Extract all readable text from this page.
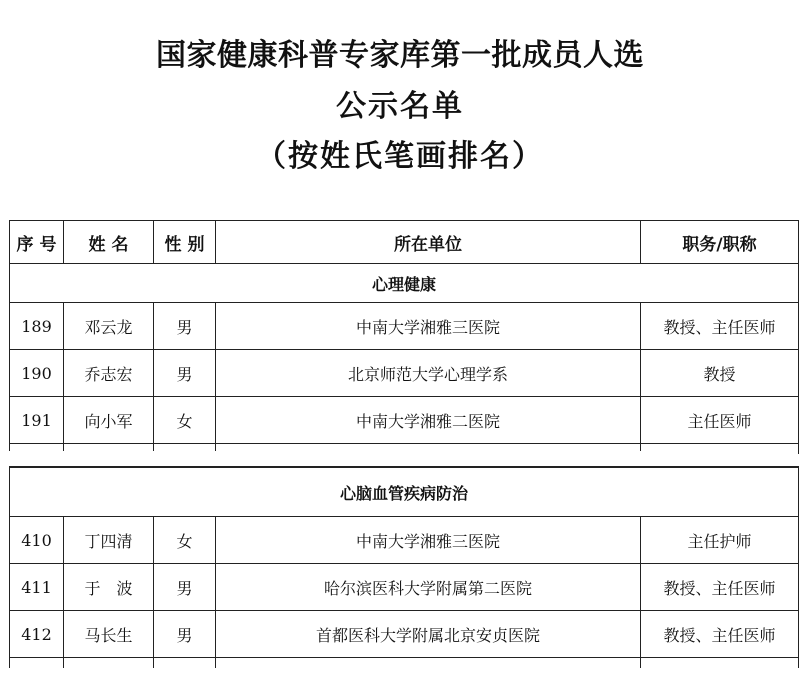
国家健康科普专家库第一批成员人选
公示名单
（按姓氏笔画排名）
序 号	姓 名	性 别	所在单位	职务/职称
心理健康				
189	邓云龙	男	中南大学湘雅三医院	教授、主任医师
190	乔志宏	男	北京师范大学心理学系	教授
191	向小军	女	中南大学湘雅二医院	主任医师

心脑血管疾病防治				
410	丁四清	女	中南大学湘雅三医院	主任护师
411	于　波	男	哈尔滨医科大学附属第二医院	教授、主任医师
412	马长生	男	首都医科大学附属北京安贞医院	教授、主任医师
